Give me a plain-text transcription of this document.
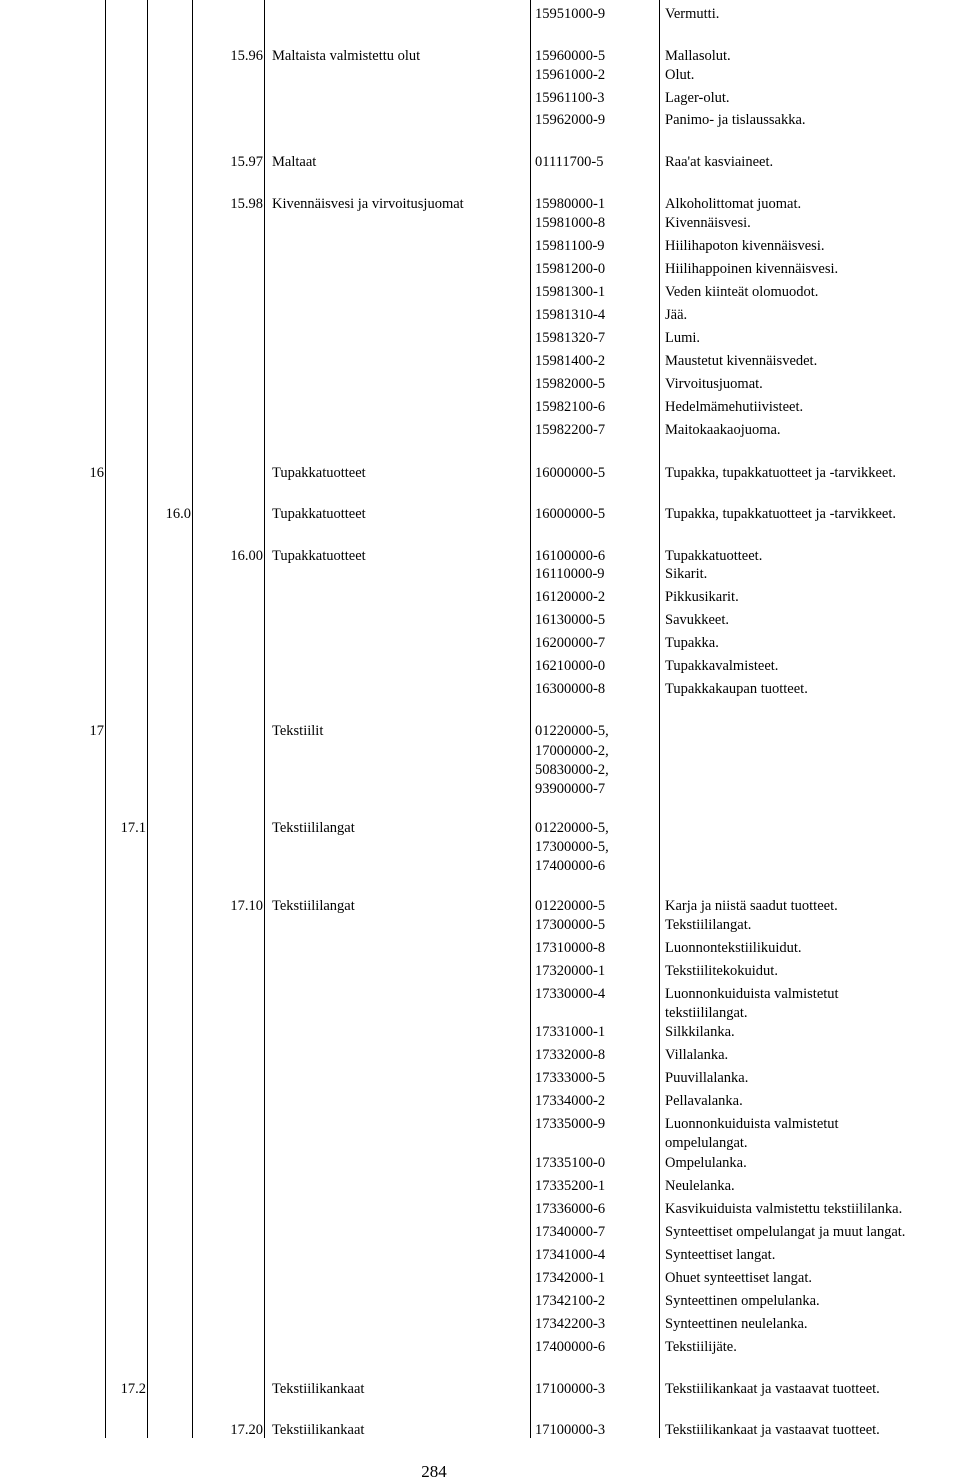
15951000-9	Vermutti.
15.96 Maltaista valmistettu olut	15960000-5	Mallasolut.
15961000-2	Olut.
15961100-3	Lager-olut.
15962000-9	Panimo- ja tislaussakka.
15.97 Maltaat	01111700-5	Raa'at kasviaineet.
15.98 Kivennäisvesi ja virvoitusjuomat	15980000-1	Alkoholittomat juomat.
15981000-8	Kivennäisvesi.
15981100-9	Hiilihapoton kivennäisvesi.
15981200-0	Hiilihappoinen kivennäisvesi.
15981300-1	Veden kiinteät olomuodot.
15981310-4	Jää.
15981320-7	Lumi.
15981400-2	Maustetut kivennäisvedet.
15982000-5	Virvoitusjuomat.
15982100-6	Hedelmämehutiivisteet.
15982200-7	Maitokaakaojuoma.
16	Tupakkatuotteet	16000000-5	Tupakka, tupakkatuotteet ja -tarvikkeet.
16.0	Tupakkatuotteet	16000000-5	Tupakka, tupakkatuotteet ja -tarvikkeet.
16.00 Tupakkatuotteet	16100000-6	Tupakkatuotteet.
16110000-9	Sikarit.
16120000-2	Pikkusikarit.
16130000-5	Savukkeet.
16200000-7	Tupakka.
16210000-0	Tupakkavalmisteet.
16300000-8	Tupakkakaupan tuotteet.
17	Tekstiilit	01220000-5,
17000000-2,
50830000-2,
93900000-7
17.1	Tekstiililangat	01220000-5,
17300000-5,
17400000-6
17.10 Tekstiililangat	01220000-5	Karja ja niistä saadut tuotteet.
17300000-5	Tekstiililangat.
17310000-8	Luonnontekstiilikuidut.
17320000-1	Tekstiilitekokuidut.
17330000-4	Luonnonkuiduista valmistetut
tekstiililangat.
17331000-1	Silkkilanka.
17332000-8	Villalanka.
17333000-5	Puuvillalanka.
17334000-2	Pellavalanka.
17335000-9	Luonnonkuiduista valmistetut
ompelulangat.
17335100-0	Ompelulanka.
17335200-1	Neulelanka.
17336000-6	Kasvikuiduista valmistettu tekstiililanka.
17340000-7	Synteettiset ompelulangat ja muut langat.
17341000-4	Synteettiset langat.
17342000-1	Ohuet synteettiset langat.
17342100-2	Synteettinen ompelulanka.
17342200-3	Synteettinen neulelanka.
17400000-6	Tekstiilijäte.
17.2	Tekstiilikankaat	17100000-3	Tekstiilikankaat ja vastaavat tuotteet.
17.20 Tekstiilikankaat	17100000-3	Tekstiilikankaat ja vastaavat tuotteet.
284
